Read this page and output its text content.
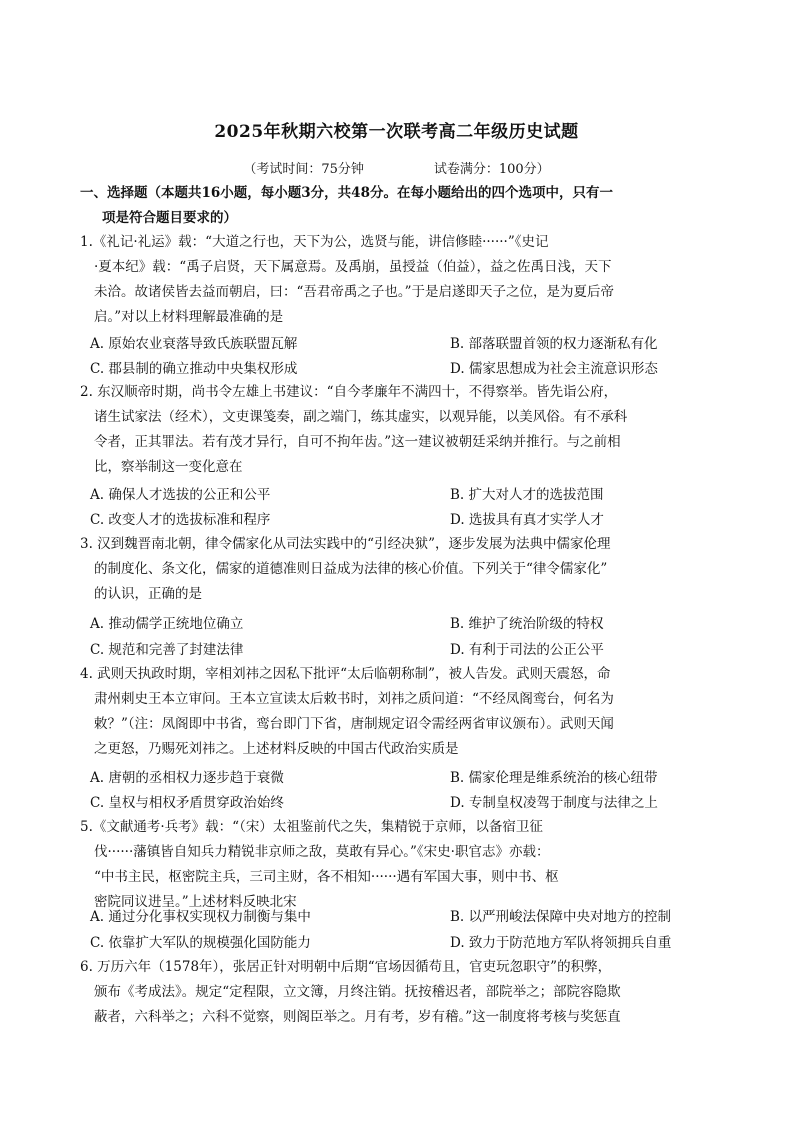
2025年秋期六校第一次联考高二年级历史试题
（考试时间：75分钟	试卷满分：100分）
一、选择题（本题共16小题，每小题3分，共48分。在每小题给出的四个选项中，只有一
项是符合题目要求的）
1.《礼记·礼运》载：“大道之行也，天下为公，选贤与能，讲信修睦······”《史记
·夏本纪》载：“禹子启贤，天下属意焉。及禹崩，虽授益（伯益），益之佐禹日浅，天下
未洽。故诸侯皆去益而朝启，曰：“吾君帝禹之子也。”于是启遂即天子之位，是为夏后帝
启。”对以上材料理解最准确的是
A. 原始农业衰落导致氏族联盟瓦解	B. 部落联盟首领的权力逐渐私有化
C. 郡县制的确立推动中央集权形成	D. 儒家思想成为社会主流意识形态
2. 东汉顺帝时期，尚书令左雄上书建议：“自今孝廉年不满四十，不得察举。皆先诣公府，
诸生试家法（经术），文吏课笺奏，副之端门，练其虚实，以观异能，以美风俗。有不承科
令者，正其罪法。若有茂才异行，自可不拘年齿。”这一建议被朝廷采纳并推行。与之前相
比，察举制这一变化意在
A. 确保人才选拔的公正和公平	B. 扩大对人才的选拔范围
C. 改变人才的选拔标准和程序	D. 选拔具有真才实学人才
3. 汉到魏晋南北朝，律令儒家化从司法实践中的“引经决狱”，逐步发展为法典中儒家伦理
的制度化、条文化，儒家的道德准则日益成为法律的核心价值。下列关于“律令儒家化”
的认识，正确的是
A. 推动儒学正统地位确立	B. 维护了统治阶级的特权
C. 规范和完善了封建法律	D. 有利于司法的公正公平
4. 武则天执政时期，宰相刘祎之因私下批评“太后临朝称制”，被人告发。武则天震怒，命
肃州刺史王本立审问。王本立宣读太后敕书时，刘祎之质问道：“不经凤阁鸾台，何名为
敕？”（注：凤阁即中书省，鸾台即门下省，唐制规定诏令需经两省审议颁布）。武则天闻
之更怒，乃赐死刘祎之。上述材料反映的中国古代政治实质是
A. 唐朝的丞相权力逐步趋于衰微	B. 儒家伦理是维系统治的核心纽带
C. 皇权与相权矛盾贯穿政治始终	D. 专制皇权凌驾于制度与法律之上
5.《文献通考·兵考》载：“（宋）太祖鉴前代之失，集精锐于京师，以备宿卫征
伐······藩镇皆自知兵力精锐非京师之敌，莫敢有异心。”《宋史·职官志》亦载：
“中书主民，枢密院主兵，三司主财，各不相知······遇有军国大事，则中书、枢
密院同议进呈。”上述材料反映北宋
A. 通过分化事权实现权力制衡与集中	B. 以严刑峻法保障中央对地方的控制
C. 依靠扩大军队的规模强化国防能力	D. 致力于防范地方军队将领拥兵自重
6. 万历六年（1578年），张居正针对明朝中后期“官场因循苟且，官吏玩忽职守”的积弊，
颁布《考成法》。规定“定程限，立文簿，月终注销。抚按稽迟者，部院举之；部院容隐欺
蔽者，六科举之；六科不觉察，则阁臣举之。月有考，岁有稽。”这一制度将考核与奖惩直
